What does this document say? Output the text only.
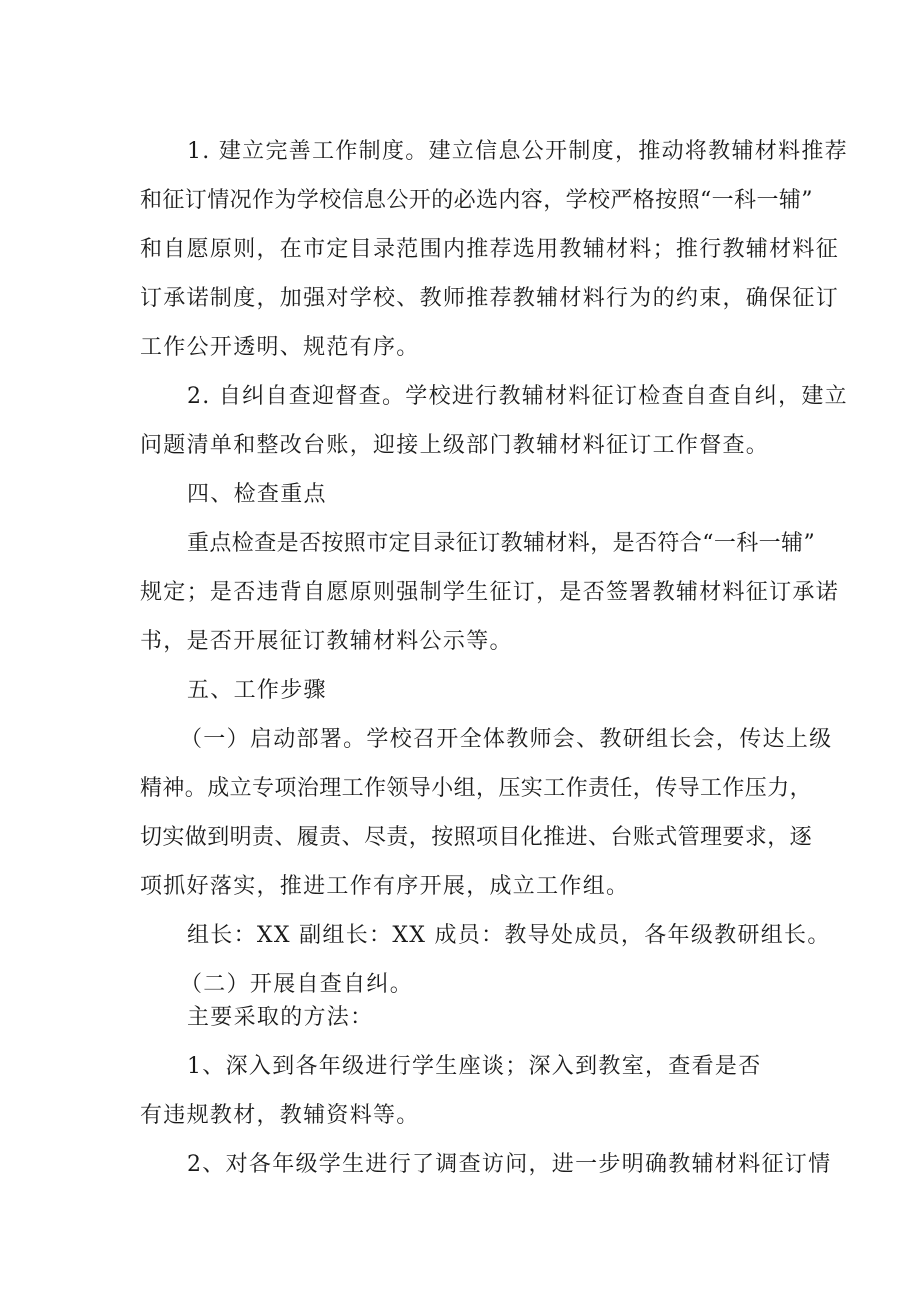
1. 建立完善工作制度。建立信息公开制度，推动将教辅材料推荐
和征订情况作为学校信息公开的必选内容，学校严格按照“一科一辅”
和自愿原则，在市定目录范围内推荐选用教辅材料；推行教辅材料征
订承诺制度，加强对学校、教师推荐教辅材料行为的约束，确保征订
工作公开透明、规范有序。
2. 自纠自查迎督查。学校进行教辅材料征订检查自查自纠，建立
问题清单和整改台账，迎接上级部门教辅材料征订工作督查。
四、检查重点
重点检查是否按照市定目录征订教辅材料，是否符合“一科一辅”
规定；是否违背自愿原则强制学生征订，是否签署教辅材料征订承诺
书，是否开展征订教辅材料公示等。
五、工作步骤
（一）启动部署。学校召开全体教师会、教研组长会，传达上级
精神。成立专项治理工作领导小组，压实工作责任，传导工作压力，
切实做到明责、履责、尽责，按照项目化推进、台账式管理要求，逐
项抓好落实，推进工作有序开展，成立工作组。
组长：XX 副组长：XX 成员：教导处成员，各年级教研组长。
（二）开展自查自纠。
主要采取的方法：
1、深入到各年级进行学生座谈；深入到教室，查看是否
有违规教材，教辅资料等。
2、对各年级学生进行了调查访问，进一步明确教辅材料征订情
